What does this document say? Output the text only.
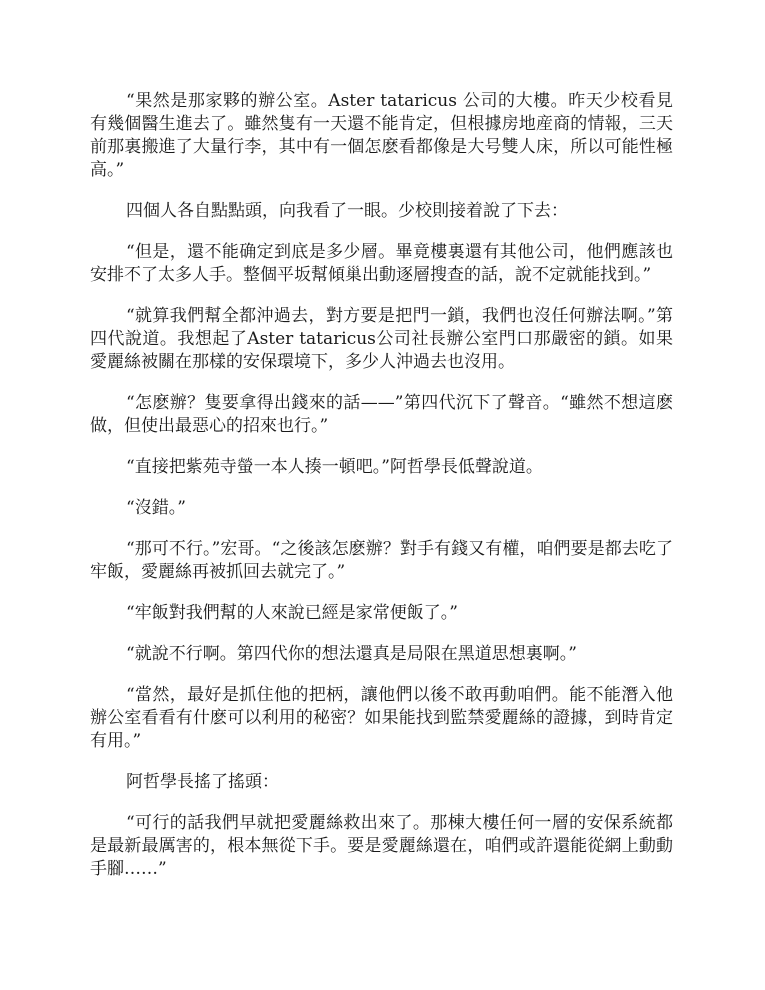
“果然是那家夥的辦公室。Aster tataricus 公司的大樓。昨天少校看見有幾個醫生進去了。雖然隻有一天還不能肯定，但根據房地産商的情報，三天前那裏搬進了大量行李，其中有一個怎麽看都像是大号雙人床，所以可能性極高。”

四個人各自點點頭，向我看了一眼。少校則接着說了下去：

“但是，還不能确定到底是多少層。畢竟樓裏還有其他公司，他們應該也安排不了太多人手。整個平坂幫傾巢出動逐層搜查的話，說不定就能找到。”

“就算我們幫全都沖過去，對方要是把門一鎖，我們也沒任何辦法啊。”第四代說道。我想起了Aster tataricus公司社長辦公室門口那嚴密的鎖。如果愛麗絲被關在那樣的安保環境下，多少人沖過去也沒用。

“怎麽辦？隻要拿得出錢來的話——”第四代沉下了聲音。“雖然不想這麽做，但使出最惡心的招來也行。”

“直接把紫苑寺螢一本人揍一頓吧。”阿哲學長低聲說道。

“沒錯。”

“那可不行。”宏哥。“之後該怎麽辦？對手有錢又有權，咱們要是都去吃了牢飯，愛麗絲再被抓回去就完了。”

“牢飯對我們幫的人來說已經是家常便飯了。”

“就說不行啊。第四代你的想法還真是局限在黑道思想裏啊。”

“當然，最好是抓住他的把柄，讓他們以後不敢再動咱們。能不能潛入他辦公室看看有什麽可以利用的秘密？如果能找到監禁愛麗絲的證據，到時肯定有用。”

阿哲學長搖了搖頭：

“可行的話我們早就把愛麗絲救出來了。那棟大樓任何一層的安保系統都是最新最厲害的，根本無從下手。要是愛麗絲還在，咱們或許還能從網上動動手腳……”
